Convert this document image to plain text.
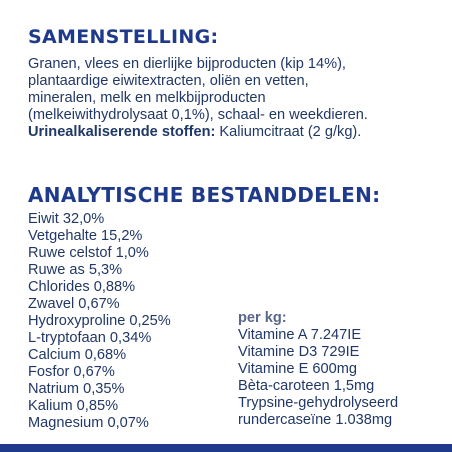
SAMENSTELLING:

Granen, vlees en dierlijke bijproducten (kip 14%),

plantaardige eiwitextracten, oliën en vetten,

mineralen, melk en melkbijproducten

(melkeiwithydrolysaat 0,1%), schaal- en weekdieren.

Urinealkaliserende stoffen: Kaliumcitraat (2 g/kg).

ANALYTISCHE BESTANDDELEN:
Eiwit 32,0%
Vetgehalte 15,2%
Ruwe celstof 1,0%
Ruwe as 5,3%
Chlorides 0,88%
Zwavel 0,67%
Hydroxyproline 0,25%
L-tryptofaan 0,34%
Calcium 0,68%
Fosfor 0,67%
Natrium 0,35%
Kalium 0,85%
Magnesium 0,07%
per kg:
Vitamine A 7.247IE
Vitamine D3 729IE
Vitamine E 600mg
Bèta-caroteen 1,5mg
Trypsine-gehydrolyseerd
rundercaseïne 1.038mg
